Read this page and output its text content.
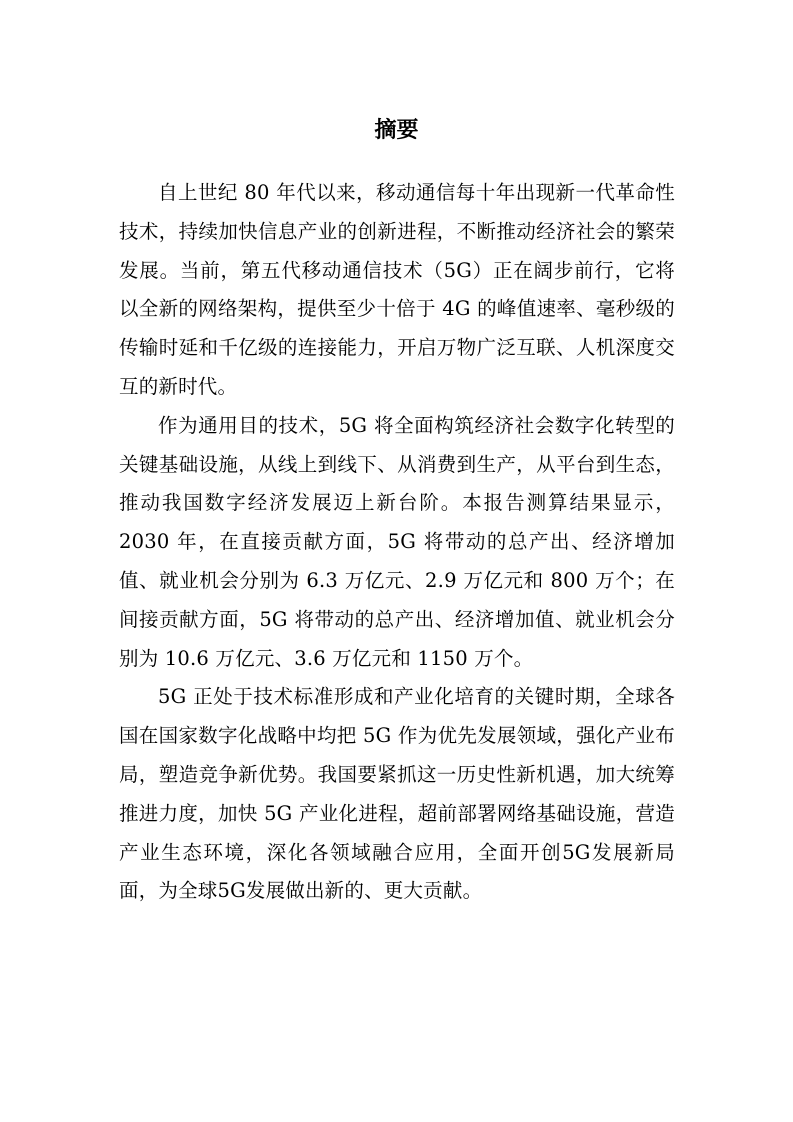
摘要

自上世纪 80 年代以来，移动通信每十年出现新一代革命性技术，持续加快信息产业的创新进程，不断推动经济社会的繁荣发展。当前，第五代移动通信技术（5G）正在阔步前行，它将以全新的网络架构，提供至少十倍于 4G 的峰值速率、毫秒级的传输时延和千亿级的连接能力，开启万物广泛互联、人机深度交互的新时代。

作为通用目的技术，5G 将全面构筑经济社会数字化转型的关键基础设施，从线上到线下、从消费到生产，从平台到生态，推动我国数字经济发展迈上新台阶。本报告测算结果显示，2030 年，在直接贡献方面，5G 将带动的总产出、经济增加值、就业机会分别为 6.3 万亿元、2.9 万亿元和 800 万个；在间接贡献方面，5G 将带动的总产出、经济增加值、就业机会分别为 10.6 万亿元、3.6 万亿元和 1150 万个。

5G 正处于技术标准形成和产业化培育的关键时期，全球各国在国家数字化战略中均把 5G 作为优先发展领域，强化产业布局，塑造竞争新优势。我国要紧抓这一历史性新机遇，加大统筹推进力度，加快 5G 产业化进程，超前部署网络基础设施，营造产业生态环境，深化各领域融合应用，全面开创5G发展新局面，为全球5G发展做出新的、更大贡献。
